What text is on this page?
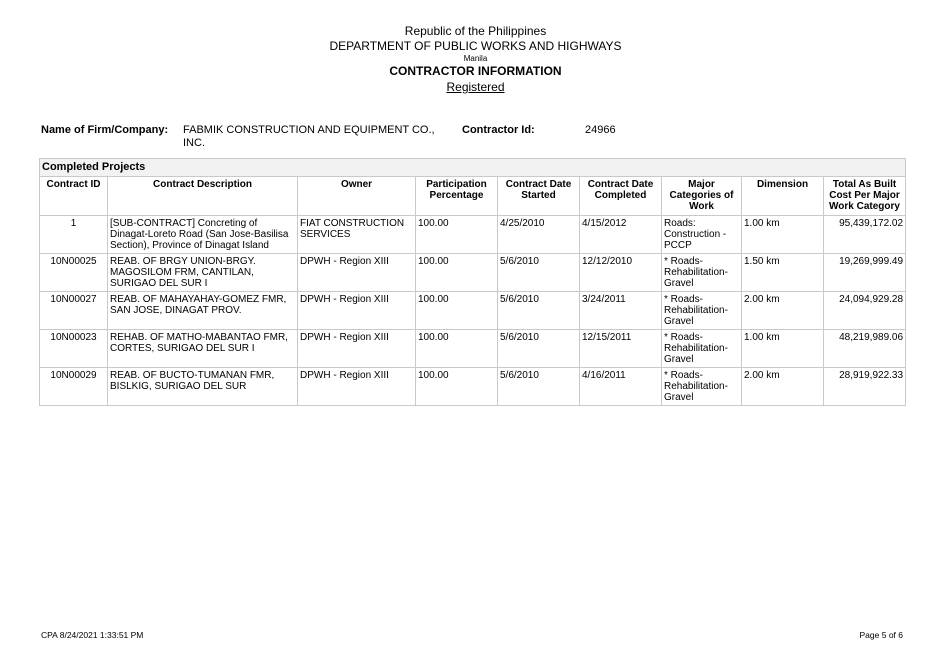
Republic of the Philippines
DEPARTMENT OF PUBLIC WORKS AND HIGHWAYS
Manila
CONTRACTOR INFORMATION
Registered
Name of Firm/Company: FABMIK CONSTRUCTION AND EQUIPMENT CO., INC.
Contractor Id:	24966
Completed Projects								
Contract ID	Contract Description	Owner	Participation Percentage	Contract Date Started	Contract Date Completed	Major Categories of Work	Dimension	Total As Built Cost Per Major Work Category
1	[SUB-CONTRACT] Concreting of Dinagat-Loreto Road (San Jose-Basilisa Section), Province of Dinagat Island	FIAT CONSTRUCTION SERVICES	100.00	4/25/2010	4/15/2012	Roads: Construction - PCCP	1.00 km	95,439,172.02
10N00025	REAB. OF BRGY UNION-BRGY. MAGOSILOM FRM, CANTILAN, SURIGAO DEL SUR I	DPWH - Region XIII	100.00	5/6/2010	12/12/2010	* Roads- Rehabilitation- Gravel	1.50 km	19,269,999.49
10N00027	REAB. OF MAHAYAHAY-GOMEZ FMR, SAN JOSE, DINAGAT PROV.	DPWH - Region XIII	100.00	5/6/2010	3/24/2011	* Roads- Rehabilitation- Gravel	2.00 km	24,094,929.28
10N00023	REHAB. OF MATHO-MABANTAO FMR, CORTES, SURIGAO DEL SUR I	DPWH - Region XIII	100.00	5/6/2010	12/15/2011	* Roads- Rehabilitation- Gravel	1.00 km	48,219,989.06
10N00029	REAB. OF BUCTO-TUMANAN FMR, BISLKIG, SURIGAO DEL SUR	DPWH - Region XIII	100.00	5/6/2010	4/16/2011	* Roads- Rehabilitation- Gravel	2.00 km	28,919,922.33
CPA 8/24/2021 1:33:51 PM	Page 5 of 6
